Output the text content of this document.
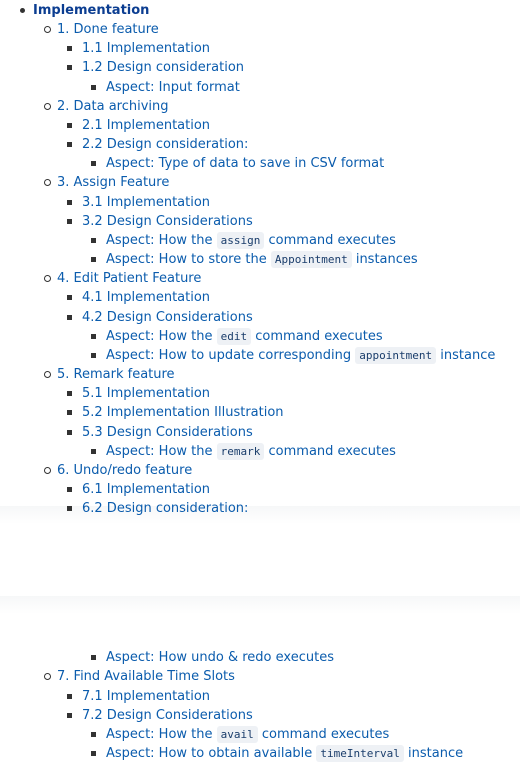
Implementation
1. Done feature
1.1 Implementation
1.2 Design consideration
Aspect: Input format
2. Data archiving
2.1 Implementation
2.2 Design consideration:
Aspect: Type of data to save in CSV format
3. Assign Feature
3.1 Implementation
3.2 Design Considerations
Aspect: How the assign command executes
Aspect: How to store the Appointment instances
4. Edit Patient Feature
4.1 Implementation
4.2 Design Considerations
Aspect: How the edit command executes
Aspect: How to update corresponding appointment instance
5. Remark feature
5.1 Implementation
5.2 Implementation Illustration
5.3 Design Considerations
Aspect: How the remark command executes
6. Undo/redo feature
6.1 Implementation
6.2 Design consideration:
Aspect: How undo & redo executes
7. Find Available Time Slots
7.1 Implementation
7.2 Design Considerations
Aspect: How the avail command executes
Aspect: How to obtain available timeInterval instance
